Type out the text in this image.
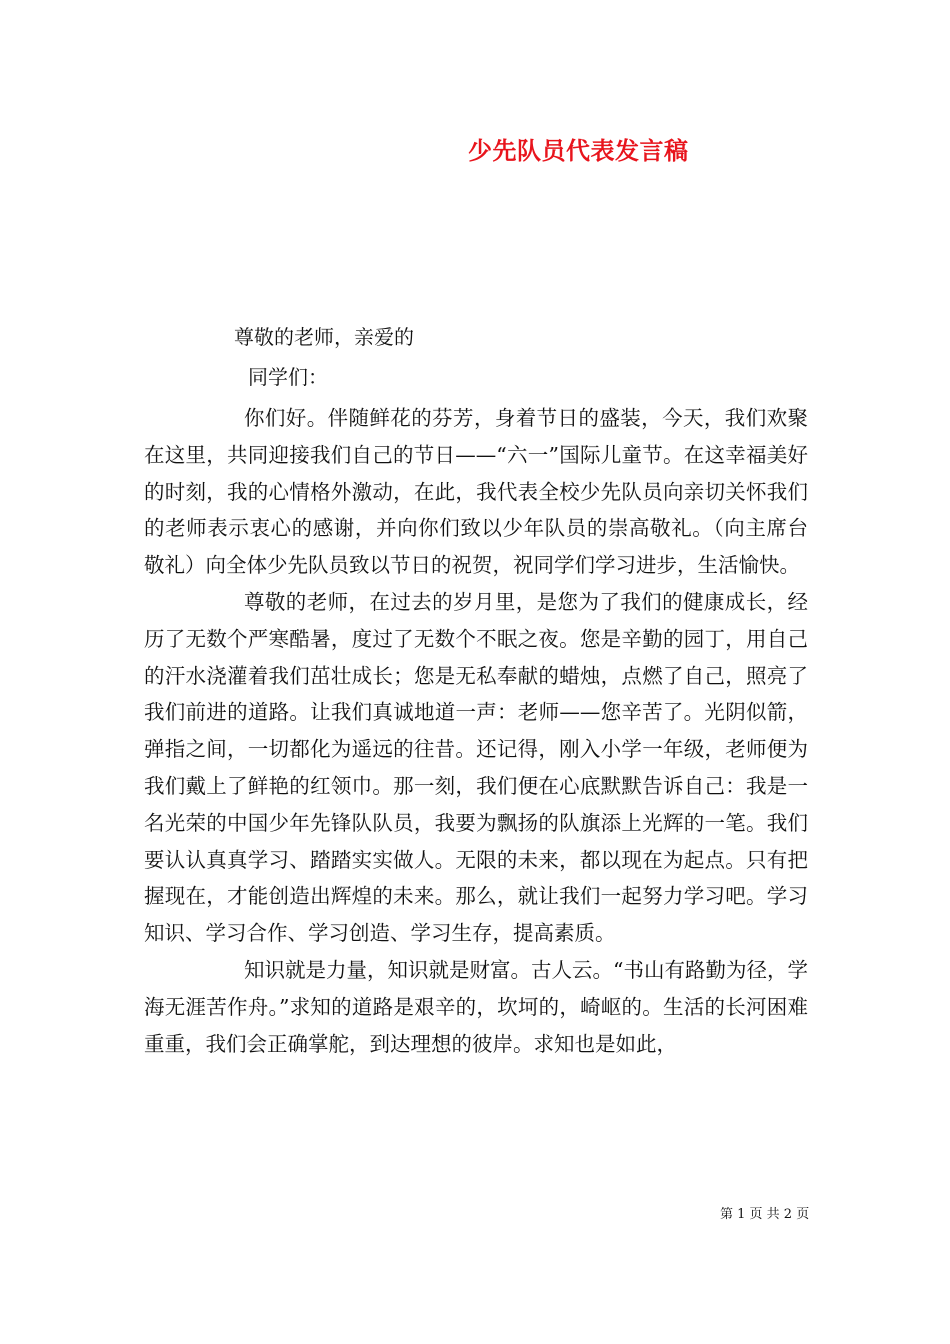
少先队员代表发言稿
尊敬的老师，亲爱的
同学们：

你们好。伴随鲜花的芬芳，身着节日的盛装，今天，我们欢聚在这里，共同迎接我们自己的节日——“六一”国际儿童节。在这幸福美好的时刻，我的心情格外激动，在此，我代表全校少先队员向亲切关怀我们的老师表示衷心的感谢，并向你们致以少年队员的崇高敬礼。（向主席台敬礼）向全体少先队员致以节日的祝贺，祝同学们学习进步，生活愉快。

尊敬的老师，在过去的岁月里，是您为了我们的健康成长，经历了无数个严寒酷暑，度过了无数个不眠之夜。您是辛勤的园丁，用自己的汗水浇灌着我们茁壮成长；您是无私奉献的蜡烛，点燃了自己，照亮了我们前进的道路。让我们真诚地道一声：老师——您辛苦了。光阴似箭，弹指之间，一切都化为遥远的往昔。还记得，刚入小学一年级，老师便为我们戴上了鲜艳的红领巾。那一刻，我们便在心底默默告诉自己：我是一名光荣的中国少年先锋队队员，我要为飘扬的队旗添上光辉的一笔。我们要认认真真学习、踏踏实实做人。无限的未来，都以现在为起点。只有把握现在，才能创造出辉煌的未来。那么，就让我们一起努力学习吧。学习知识、学习合作、学习创造、学习生存，提高素质。

知识就是力量，知识就是财富。古人云。“书山有路勤为径，学海无涯苦作舟。”求知的道路是艰辛的，坎坷的，崎岖的。生活的长河困难重重，我们会正确掌舵，到达理想的彼岸。求知也是如此，

第 1 页 共 2 页
